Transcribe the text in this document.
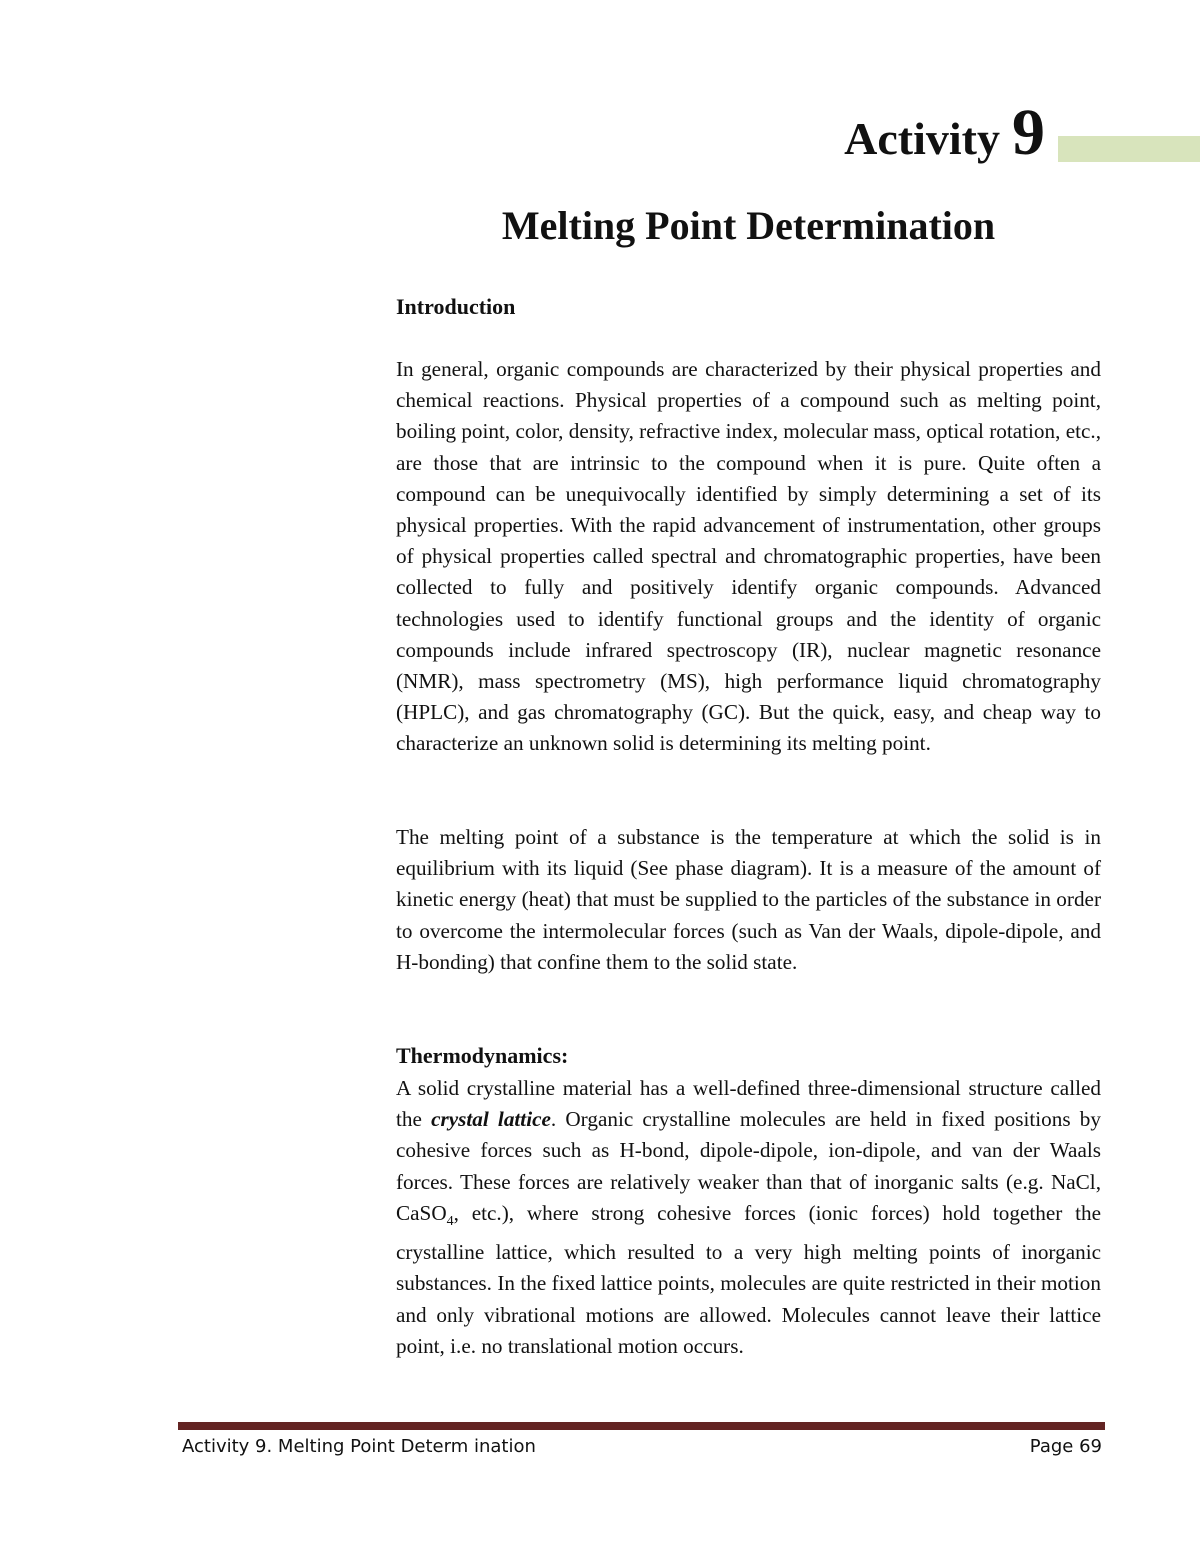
Activity 9
Melting Point Determination
Introduction

In general, organic compounds are characterized by their physical properties and chemical reactions. Physical properties of a compound such as melting point, boiling point, color, density, refractive index, molecular mass, optical rotation, etc., are those that are intrinsic to the compound when it is pure. Quite often a compound can be unequivocally identified by simply determining a set of its physical properties. With the rapid advancement of instrumentation, other groups of physical properties called spectral and chromatographic properties, have been collected to fully and positively identify organic compounds. Advanced technologies used to identify functional groups and the identity of organic compounds include infrared spectroscopy (IR), nuclear magnetic resonance (NMR), mass spectrometry (MS), high performance liquid chromatography (HPLC), and gas chromatography (GC). But the quick, easy, and cheap way to characterize an unknown solid is determining its melting point.

The melting point of a substance is the temperature at which the solid is in equilibrium with its liquid (See phase diagram). It is a measure of the amount of kinetic energy (heat) that must be supplied to the particles of the substance in order to overcome the intermolecular forces (such as Van der Waals, dipole-dipole, and H-bonding) that confine them to the solid state.

Thermodynamics:

A solid crystalline material has a well-defined three-dimensional structure called the crystal lattice. Organic crystalline molecules are held in fixed positions by cohesive forces such as H-bond, dipole-dipole, ion-dipole, and van der Waals forces. These forces are relatively weaker than that of inorganic salts (e.g. NaCl, CaSO$_4$, etc.), where strong cohesive forces (ionic forces) hold together the crystalline lattice, which resulted to a very high melting points of inorganic substances. In the fixed lattice points, molecules are quite restricted in their motion and only vibrational motions are allowed. Molecules cannot leave their lattice point, i.e. no translational motion occurs.

Activity 9. Melting Point Determ ination	Page 69
